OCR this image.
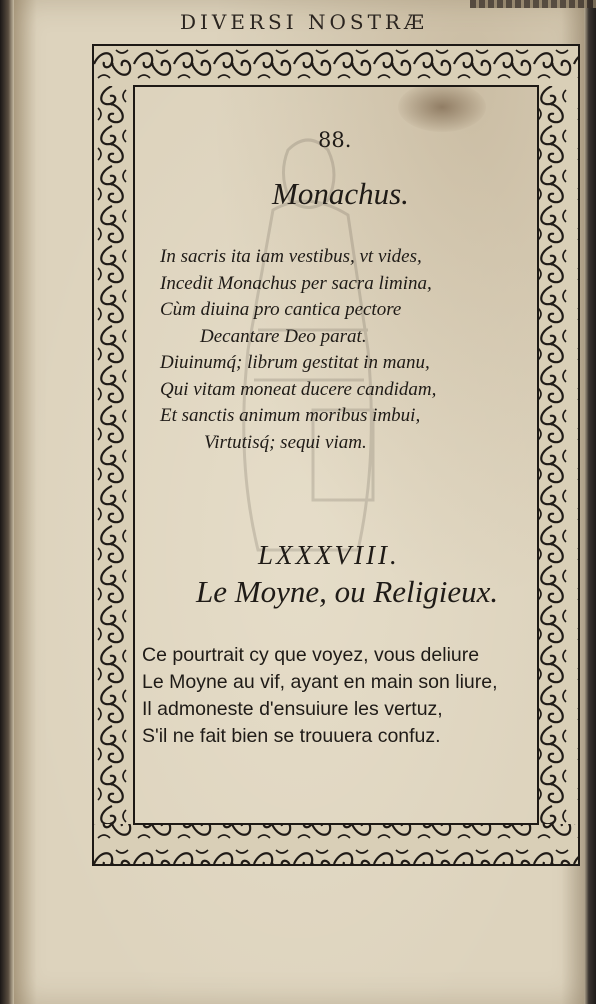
DIVERSI NOSTRÆ
88.
Monachus.
In sacris ita iam vestibus, vt vides,
Incedit Monachus per sacra limina,
Cùm diuina pro cantica pectore
Decantare Deo parat.
Diuinumq́; librum gestitat in manu,
Qui vitam moneat ducere candidam,
Et sanctis animum moribus imbui,
Virtutisq́; sequi viam.
LXXXVIII.
Le Moyne, ou Religieux.
Ce pourtrait cy que voyez, vous deliure
Le Moyne au vif, ayant en main son liure,
Il admoneste d'ensuiure les vertuz,
S'il ne fait bien se trouuera confuz.
